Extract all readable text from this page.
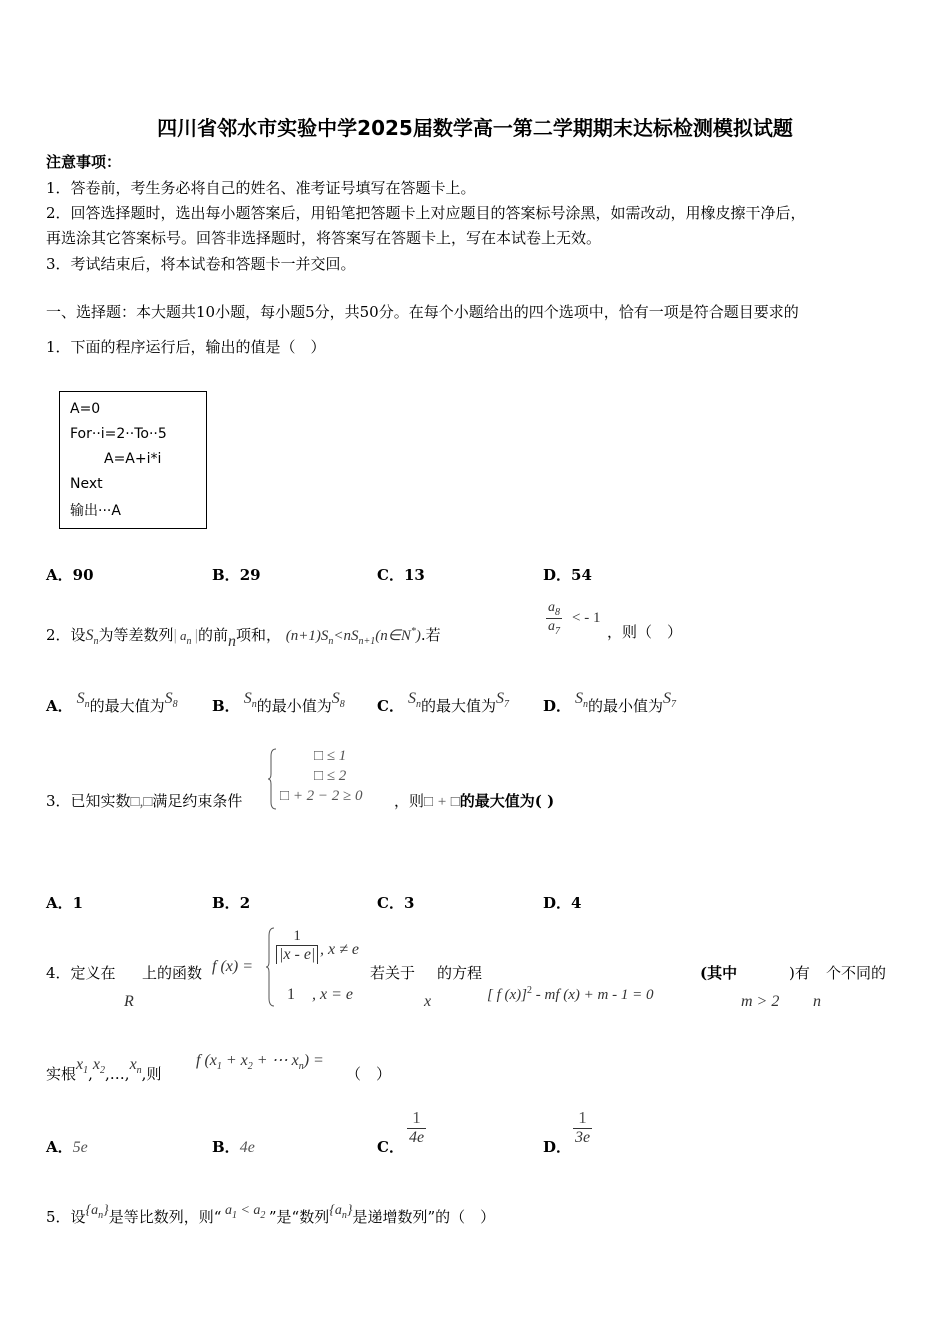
四川省邻水市实验中学2025届数学高一第二学期期末达标检测模拟试题
注意事项：
1．答卷前，考生务必将自己的姓名、准考证号填写在答题卡上。
2．回答选择题时，选出每小题答案后，用铅笔把答题卡上对应题目的答案标号涂黑，如需改动，用橡皮擦干净后，
再选涂其它答案标号。回答非选择题时，将答案写在答题卡上，写在本试卷上无效。
3．考试结束后，将本试卷和答题卡一并交回。
一、选择题：本大题共10小题，每小题5分，共50分。在每个小题给出的四个选项中，恰有一项是符合题目要求的
1．下面的程序运行后，输出的值是（　）
A=0
For··i=2··To··5
A=A+i*i
Next
输出···A
A．90	B．29	C．13	D．54
2．设$S_n$为等差数列| $a_n$ |的前n项和， $(n+1)S_n<nS_{n+1}(n\in N^*)$.若	$\frac{a_8}{a_7}$ < - 1
，则（　）
A． $S_n$的最大值为$S_8$ B． $S_n$的最小值为$S_8$ C． $S_n$的最大值为$S_7$ D． $S_n$的最小值为$S_7$
3．已知实数□,□满足约束条件
□ ≤ 1
□ ≤ 2
□ + 2 − 2 ≥ 0 ，则□ + □的最大值为( )
A．1	B．2	C．3	D．4
4．定义在
R
上的函数 f (x) =
$\frac{1}{|x - e|}$ , x ≠ e
1 , x = e
若关于
x
的方程
[ f (x)]$^2$ - mf (x) + m - 1 = 0
(其中
m > 2
)有
n
个不同的
实根$x_1,x_2,\dots,x_n$,则
f ($x_1 + x_2$ + ⋯ $x_n$) =
（　）
A．5e	B．4e	C． $\frac{1}{4e}$	D． $\frac{1}{3e}$
5．设$\{a_n\}$是等比数列，则“ $a_1 < a_2$ ”是“数列$\{a_n\}$是递增数列”的（　）
